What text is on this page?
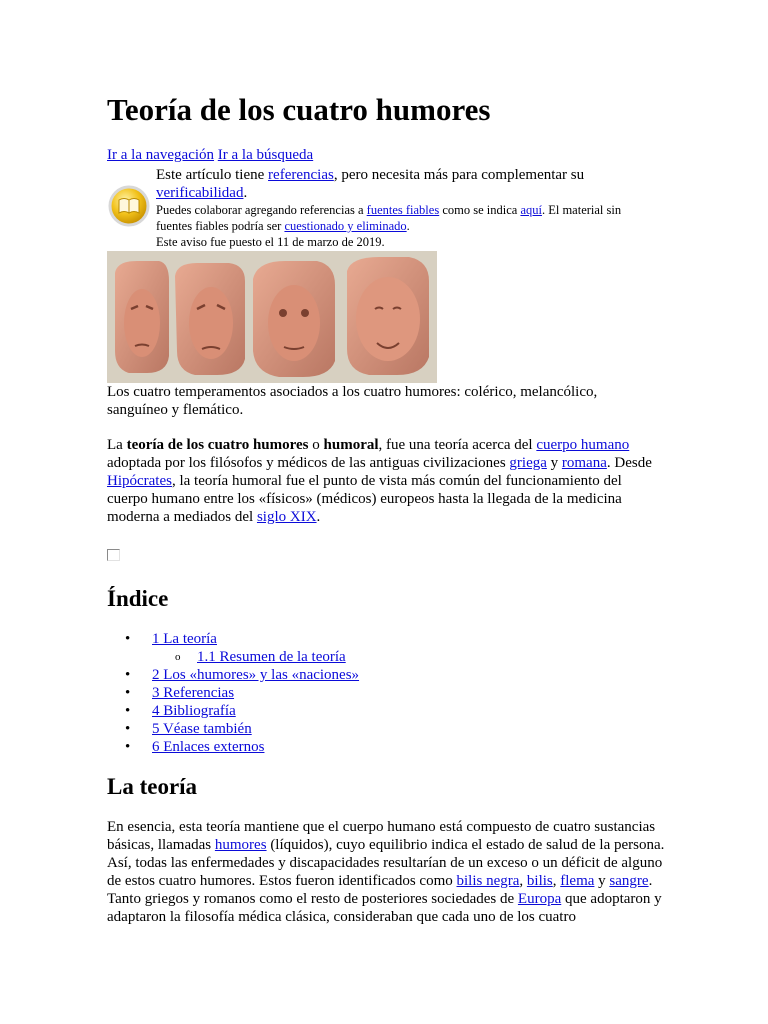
Teoría de los cuatro humores
Ir a la navegación Ir a la búsqueda
Este artículo tiene referencias, pero necesita más para complementar su verificabilidad.
Puedes colaborar agregando referencias a fuentes fiables como se indica aquí. El material sin fuentes fiables podría ser cuestionado y eliminado.
Este aviso fue puesto el 11 de marzo de 2019.
Los cuatro temperamentos asociados a los cuatro humores: colérico, melancólico, sanguíneo y flemático.

La teoría de los cuatro humores o humoral, fue una teoría acerca del cuerpo humano adoptada por los filósofos y médicos de las antiguas civilizaciones griega y romana. Desde Hipócrates, la teoría humoral fue el punto de vista más común del funcionamiento del cuerpo humano entre los «físicos» (médicos) europeos hasta la llegada de la medicina moderna a mediados del siglo XIX.

Índice
• 1 La teoría
o 1.1 Resumen de la teoría
• 2 Los «humores» y las «naciones»
• 3 Referencias
• 4 Bibliografía
• 5 Véase también
• 6 Enlaces externos
La teoría

En esencia, esta teoría mantiene que el cuerpo humano está compuesto de cuatro sustancias básicas, llamadas humores (líquidos), cuyo equilibrio indica el estado de salud de la persona. Así, todas las enfermedades y discapacidades resultarían de un exceso o un déficit de alguno de estos cuatro humores. Estos fueron identificados como bilis negra, bilis, flema y sangre. Tanto griegos y romanos como el resto de posteriores sociedades de Europa que adoptaron y adaptaron la filosofía médica clásica, consideraban que cada uno de los cuatro
